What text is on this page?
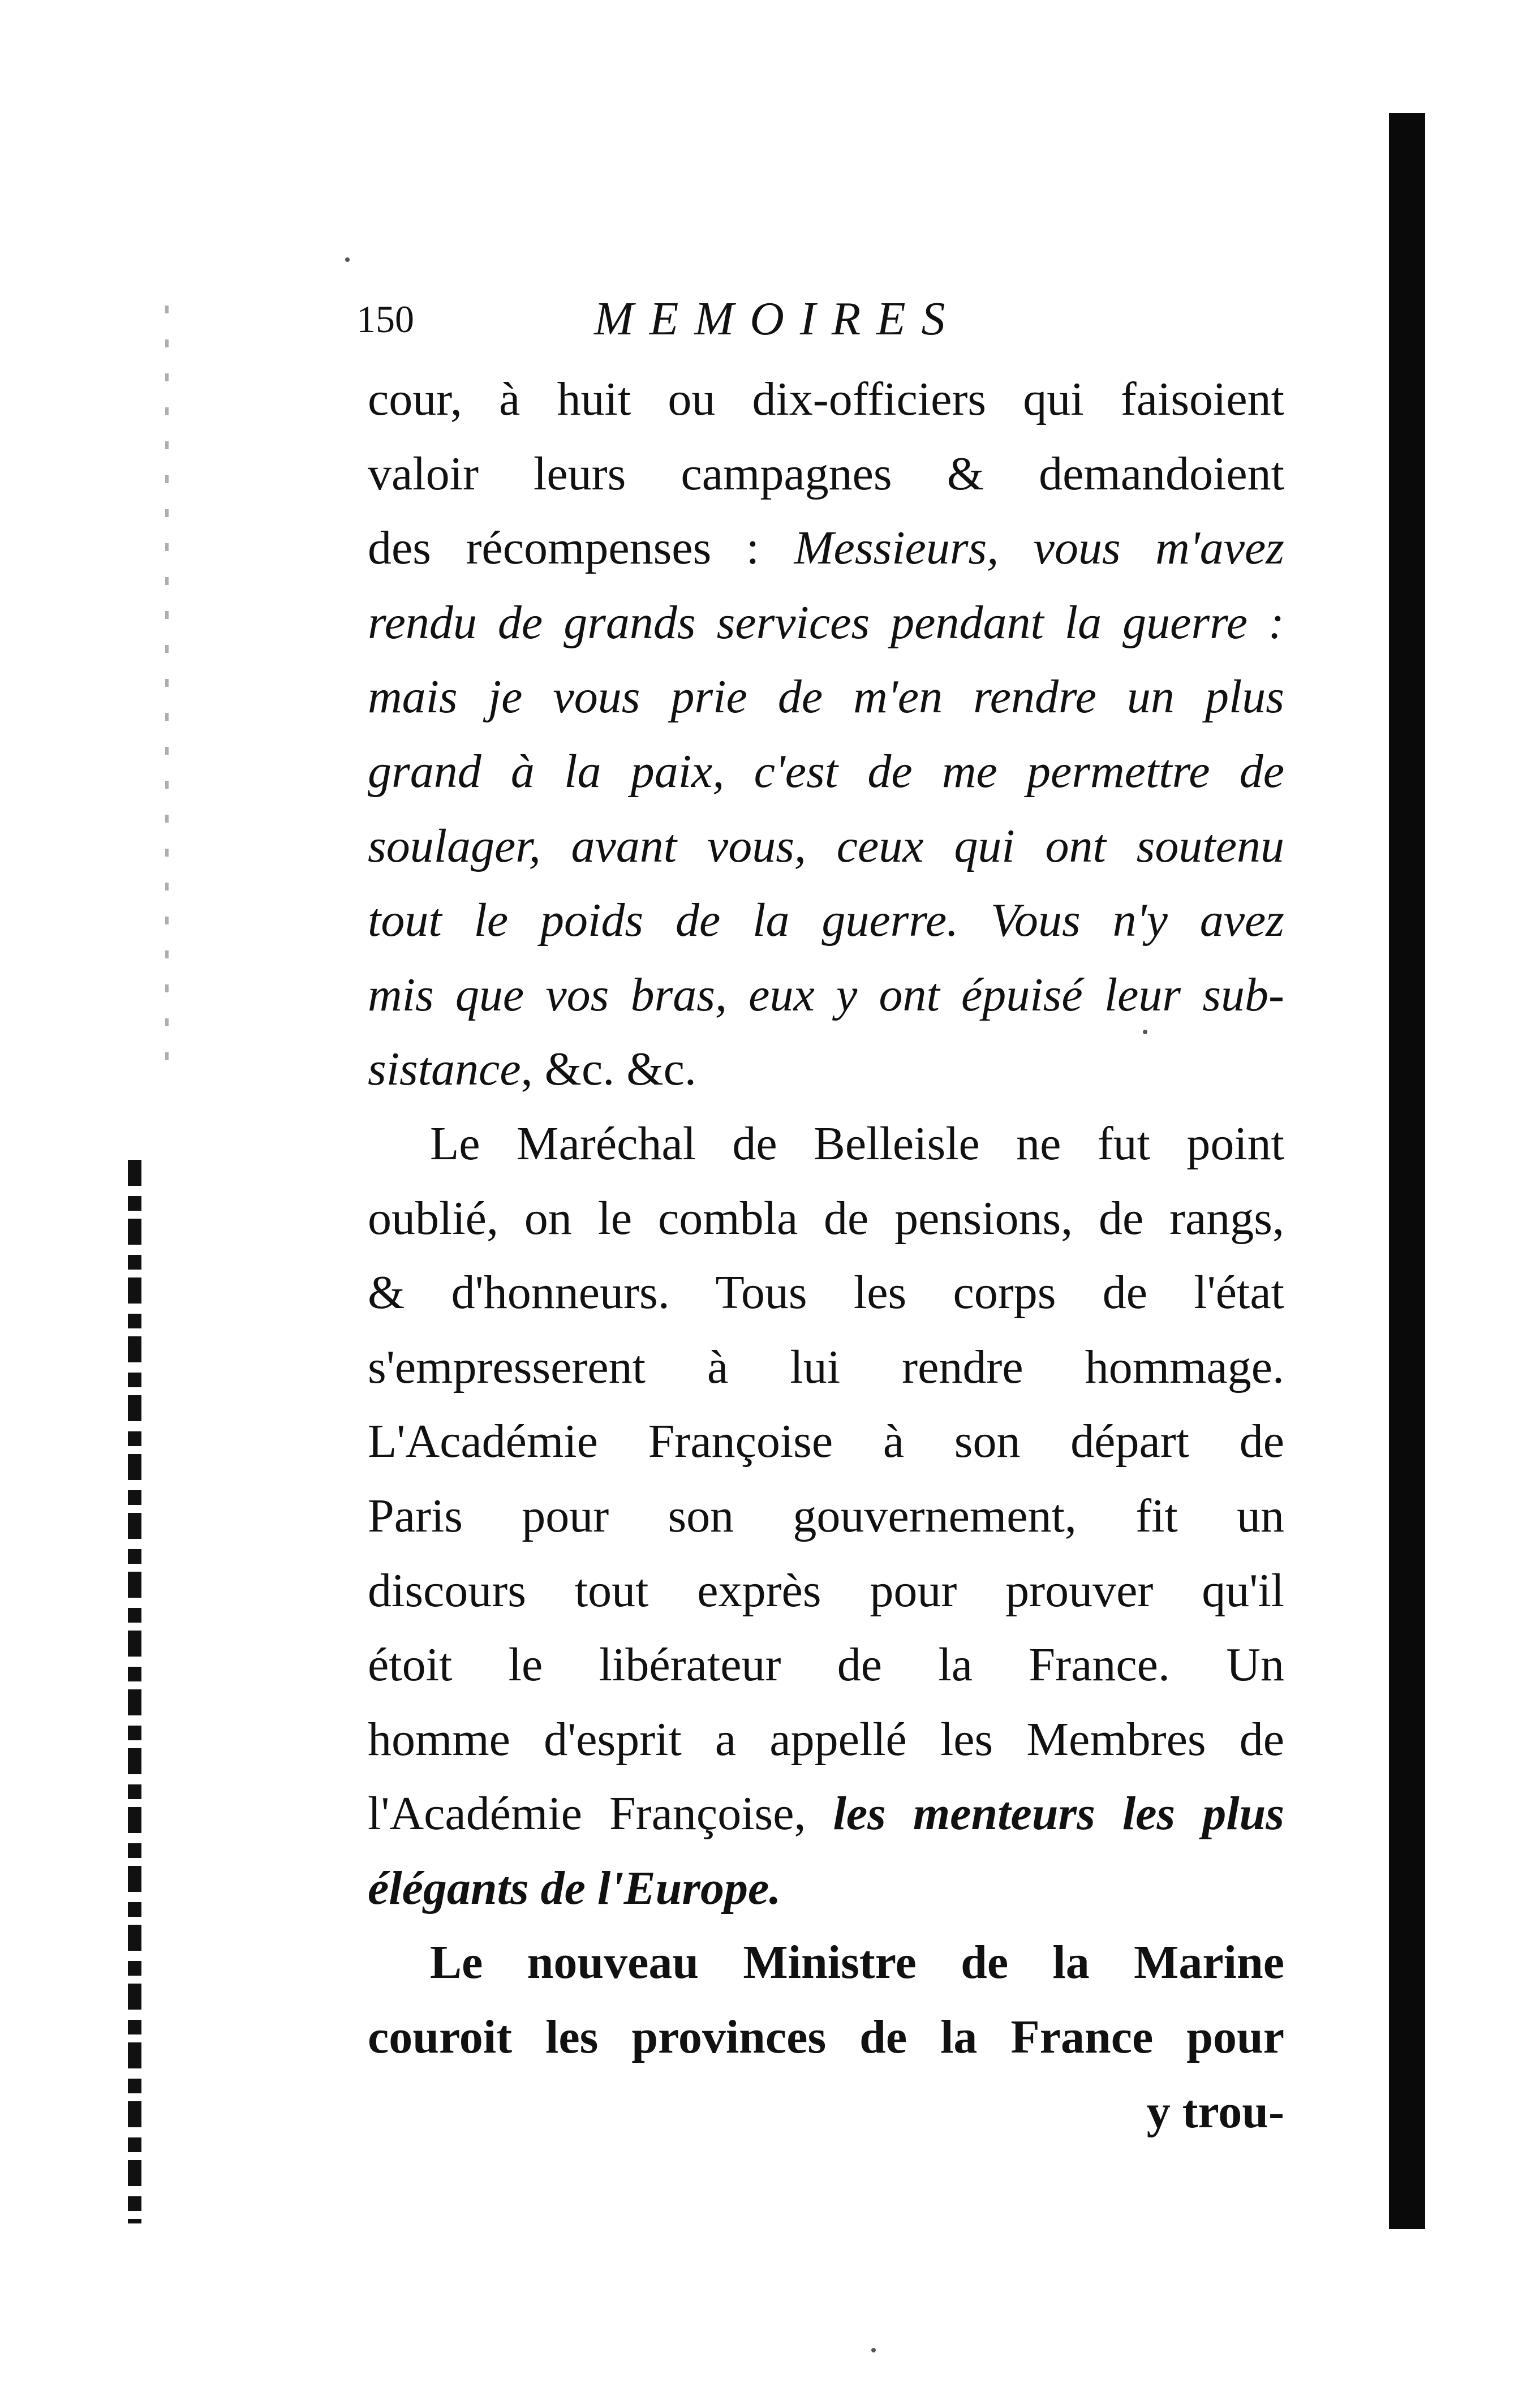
150	MEMOIRES
cour, à huit ou dix-officiers qui faisoient
valoir leurs campagnes & demandoient
des récompenses : Messieurs, vous m'avez
rendu de grands services pendant la guerre :
mais je vous prie de m'en rendre un plus
grand à la paix, c'est de me permettre de
soulager, avant vous, ceux qui ont soutenu
tout le poids de la guerre. Vous n'y avez
mis que vos bras, eux y ont épuisé leur sub-
sistance, &c. &c.
Le Maréchal de Belleisle ne fut point
oublié, on le combla de pensions, de rangs,
& d'honneurs. Tous les corps de l'état
s'empresserent à lui rendre hommage.
L'Académie Françoise à son départ de
Paris pour son gouvernement, fit un
discours tout exprès pour prouver qu'il
étoit le libérateur de la France. Un
homme d'esprit a appellé les Membres de
l'Académie Françoise, les menteurs les plus
élégants de l'Europe.
Le nouveau Ministre de la Marine
couroit les provinces de la France pour
y trou-
